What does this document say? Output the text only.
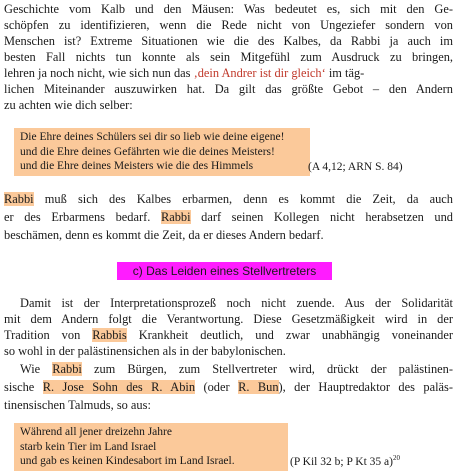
Geschichte vom Kalb und den Mäusen: Was bedeutet es, sich mit den Ge-
schöpfen zu identifizieren, wenn die Rede nicht von Ungeziefer sondern von
Menschen ist? Extreme Situationen wie die des Kalbes, da Rabbi ja auch im
besten Fall nichts tun konnte als sein Mitgefühl zum Ausdruck zu bringen,
lehren ja noch nicht, wie sich nun das ‚dein Andrer ist dir gleich‘ im täg-
lichen Miteinander auszuwirken hat. Da gilt das größte Gebot – den Andern
zu achten wie dich selber:
Die Ehre deines Schülers sei dir so lieb wie deine eigene!
und die Ehre deines Gefährten wie die deines Meisters!
und die Ehre deines Meisters wie die des Himmels	(A 4,12; ARN S. 84)
Rabbi muß sich des Kalbes erbarmen, denn es kommt die Zeit, da auch
er des Erbarmens bedarf. Rabbi darf seinen Kollegen nicht herabsetzen und
beschämen, denn es kommt die Zeit, da er dieses Andern bedarf.
c) Das Leiden eines Stellvertreters
Damit ist der Interpretationsprozeß noch nicht zuende. Aus der Solidarität
mit dem Andern folgt die Verantwortung. Diese Gesetzmäßigkeit wird in der
Tradition von Rabbis Krankheit deutlich, und zwar unabhängig voneinander
so wohl in der palästinensichen als in der babylonischen.
Wie Rabbi zum Bürgen, zum Stellvertreter wird, drückt der palästinen-
sische R. Jose Sohn des R. Abin (oder R. Bun), der Hauptredaktor des paläs-
tinensischen Talmuds, so aus:
Während all jener dreizehn Jahre
starb kein Tier im Land Israel
und gab es keinen Kindesabort im Land Israel.	(P Kil 32 b; P Kt 35 a)$^{20}$
